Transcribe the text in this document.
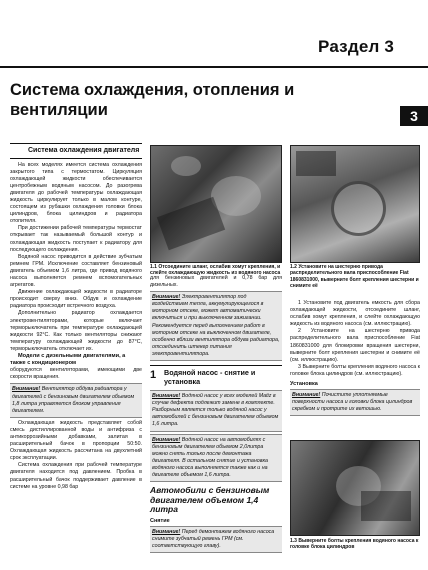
Раздел 3
Система охлаждения, отопления и вентиляции	3
Система охлаждения двигателя

На всех моделях имеется система охлаждения закрытого типа с термостатом. Циркуляция охлаждающей жидкости обеспечивается центробежным водяным насосом. До разогрева двигателя до рабочей температуры охлаждающая жидкость циркулирует только в малом контуре, состоящем из рубашки охлаждения головки блока цилиндров, блока цилиндров и радиатора отопителя.

При достижении рабочей температуры термостат открывает так называемый большой контур и охлаждающая жидкость поступает к радиатору для последующего охлаждения.

Водяной насос приводится в действие зубчатым ремнем ГРМ. Исключение составляет бензиновый двигатель объемом 1,6 литра, где привод водяного насоса выполняется ремнем вспомогательных агрегатов.

Движение охлаждающей жидкости в радиаторе происходит сверху вниз. Обдув и охлаждение радиатора происходит встречного воздуха.

Дополнительно радиатор охлаждается электровентиляторами, которые включает терморыключатель при температуре охлаждающей жидкости 92°С. Как только вентиляторы снижают температуру охлаждающей жидкости до 87°С, терморыключатель отключает их.

Модели с дизельными двигателями, а также с кондиционером

оборудуются вентиляторами, имеющими две скорости вращения.

Внимание! Вентилятор обдува радиатора у двигателей с бензиновым двигателем объемом 1,8 литра управляется блоком управления двигателем.

Охлаждающая жидкость представляет собой смесь дистиллированной воды и антифриза с антикоррозийными добавками, залитая в расширительный бачок в пропорции 50:50. Охлаждающая жидкость рассчитана на двухлетний срок эксплуатации.

Система охлаждения при рабочей температуре двигателя находится под давлением. Пробка в расширительный бачок поддерживает давление в системе на уровне 0,98 бар

1.1 Отсоедините шланг, ослабив хомут крепления, и слейте охлаждающую жидкость из водяного насоса

для бензиновых двигателей и 0,78 бар для дизельных.

Внимание! Электровентилятор под воздействием тепла, аккумулирующегося в моторном отсеке, может автоматически включиться и при выключенном зажигании. Рекомендуется перед выполнением работ в моторном отсеке на выключенном двигателе, особенно вблизи вентилятора обдува радиатора, отсоединить штекер питания электровентилятора.
1 Водяной насос - снятие и установка
Внимание! Водяной насос у всех моделей Matiz в случае дефекта подлежит замене в комплекте. Разборным является только водяной насос у автомобилей с бензиновым двигателем объемом 1,6 литра.
Внимание! Водяной насос на автомобилях с бензиновым двигателем объемом 2,0литра можно снять только после демонтажа двигателя. В остальном снятие и установка водяного насоса выполняется также как и на двигателе объемом 1,6 литра.
Автомобили с бензиновым двигателем объемом 1,4 литра
Снятие
Внимание! Перед демонтажем водяного насоса снимите зубчатый ремень ГРМ (см. соответствующую главу).
1.2 Установите на шестерню привода распределительного вала приспособление Fiat 1860831000, выверните болт крепления шестерни и снимите её

1 Установите под двигатель емкость для сбора охлаждающей жидкости, отсоедините шланг, ослабив хомут крепления, и слейте охлаждающую жидкость из водяного насоса (см. иллюстрацию).

2 Установите на шестерню привода распределительного вала приспособление Fiat 1860831000 для блокировки вращения шестерни, выверните болт крепления шестерни и снимите её (см. иллюстрацию).

3 Выверните болты крепления водяного насоса к головке блока цилиндров (см. иллюстрацию).

Установка
Внимание! Почистите уплотняемые поверхности насоса и головки блока цилиндров скребком и протрите их ветошью.
1.3 Выверните болты крепления водяного насоса к головке блока цилиндров
